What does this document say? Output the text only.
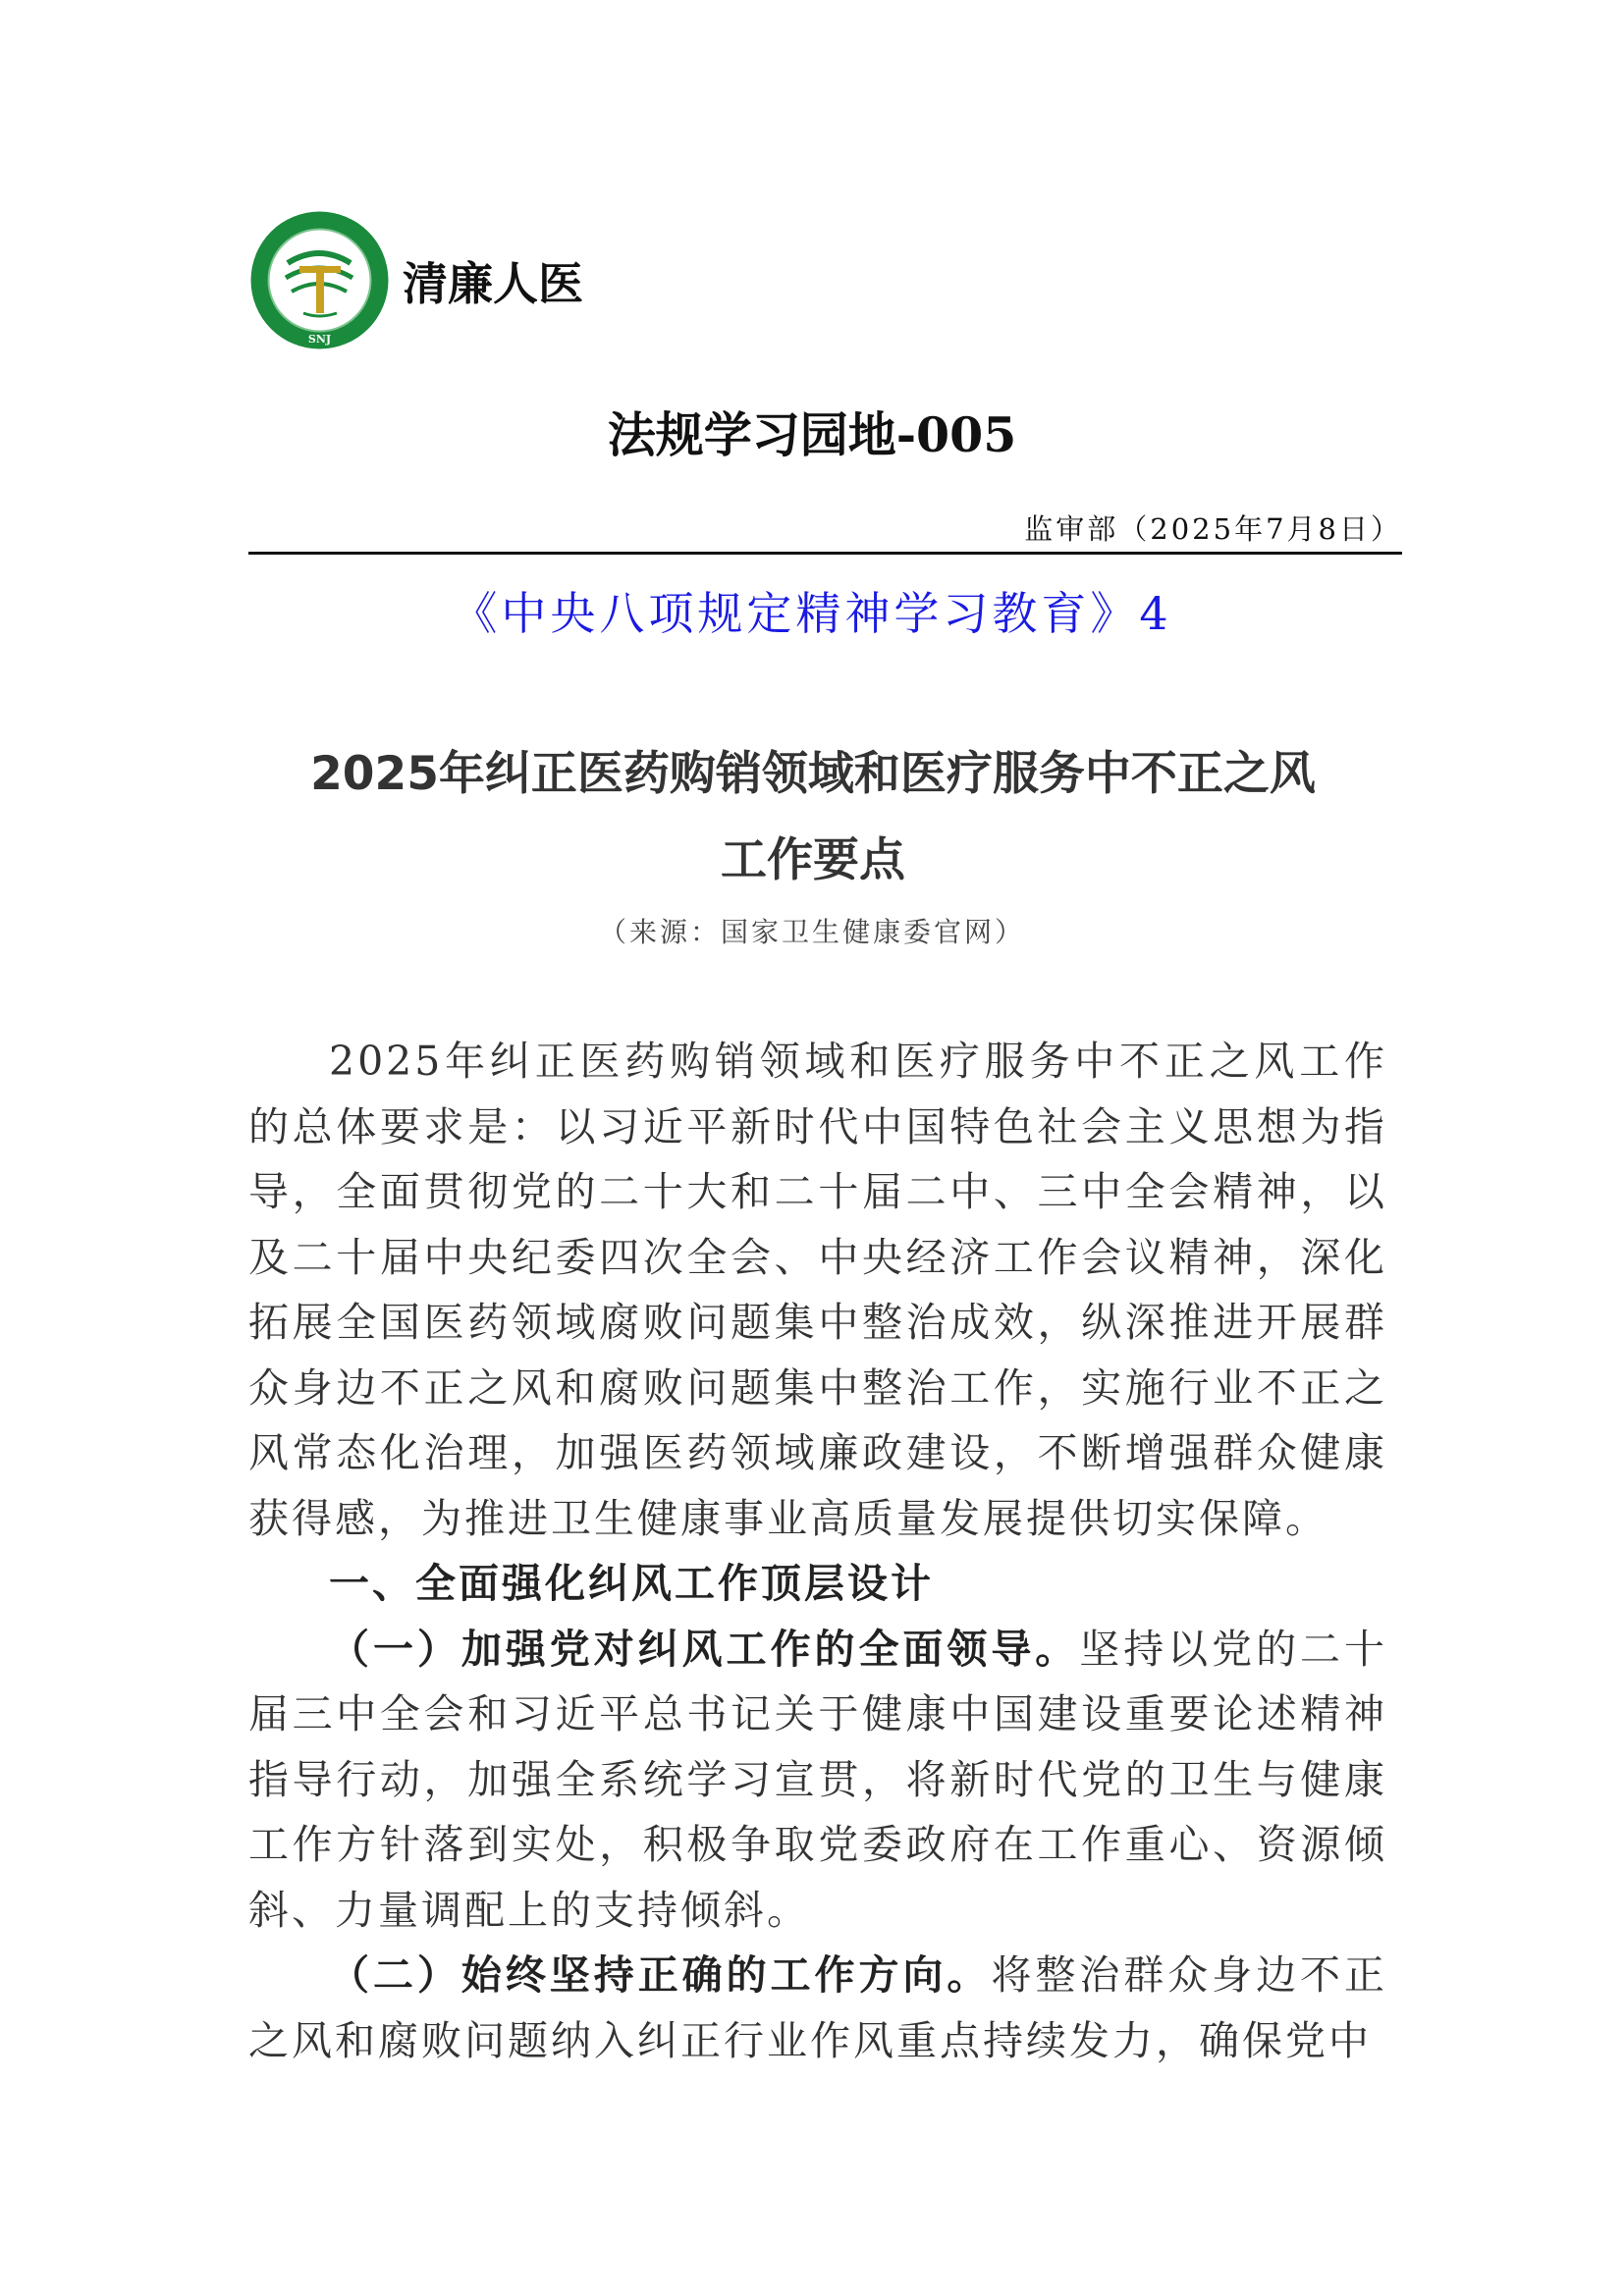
SNJ
清廉人医
法规学习园地-005
监审部（2025年7月8日）
《中央八项规定精神学习教育》4
2025年纠正医药购销领域和医疗服务中不正之风
工作要点
（来源：国家卫生健康委官网）

2025年纠正医药购销领域和医疗服务中不正之风工作的总体要求是：以习近平新时代中国特色社会主义思想为指导，全面贯彻党的二十大和二十届二中、三中全会精神，以及二十届中央纪委四次全会、中央经济工作会议精神，深化拓展全国医药领域腐败问题集中整治成效，纵深推进开展群众身边不正之风和腐败问题集中整治工作，实施行业不正之风常态化治理，加强医药领域廉政建设，不断增强群众健康获得感，为推进卫生健康事业高质量发展提供切实保障。

一、全面强化纠风工作顶层设计

（一）加强党对纠风工作的全面领导。坚持以党的二十届三中全会和习近平总书记关于健康中国建设重要论述精神指导行动，加强全系统学习宣贯，将新时代党的卫生与健康工作方针落到实处，积极争取党委政府在工作重心、资源倾斜、力量调配上的支持倾斜。

（二）始终坚持正确的工作方向。将整治群众身边不正之风和腐败问题纳入纠正行业作风重点持续发力，确保党中
